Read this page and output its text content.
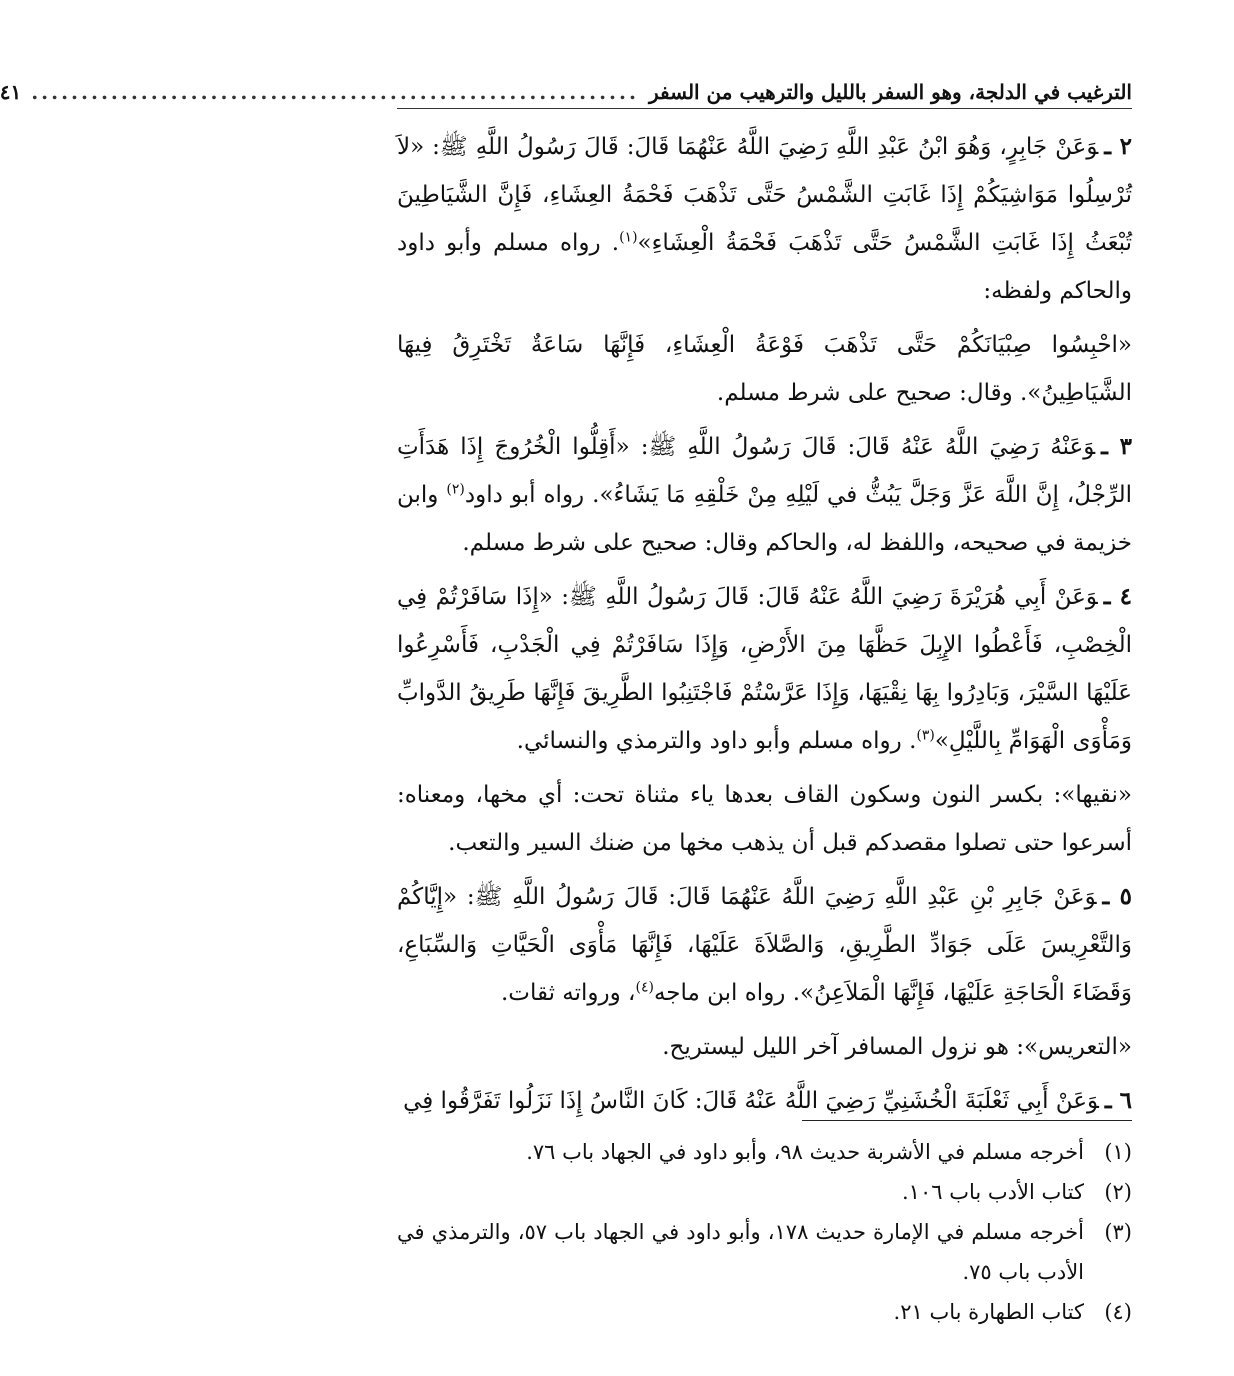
الترغيب في الدلجة، وهو السفر بالليل والترهيب من السفر
.............................................................
٤١

٢ ـوَعَنْ جَابِرٍ، وَهُوَ ابْنُ عَبْدِ اللَّهِ رَضِيَ اللَّهُ عَنْهُمَا قَالَ: قَالَ رَسُولُ اللَّهِ ﷺ: «لاَ تُرْسِلُوا مَوَاشِيَكُمْ إِذَا غَابَتِ الشَّمْسُ حَتَّى تَذْهَبَ فَحْمَةُ العِشَاءِ، فَإِنَّ الشَّيَاطِينَ تُبْعَثُ إِذَا غَابَتِ الشَّمْسُ حَتَّى تَذْهَبَ فَحْمَةُ الْعِشَاءِ»$^{(١)}$. رواه مسلم وأبو داود والحاكم ولفظه:

«احْبِسُوا صِبْيَانَكُمْ حَتَّى تَذْهَبَ فَوْعَةُ الْعِشَاءِ، فَإِنَّهَا سَاعَةٌ تَخْتَرِقُ فِيهَا الشَّيَاطِينُ». وقال: صحيح على شرط مسلم.

٣ ـوَعَنْهُ رَضِيَ اللَّهُ عَنْهُ قَالَ: قَالَ رَسُولُ اللَّهِ ﷺ: «أَقِلُّوا الْخُرُوجَ إِذَا هَدَأَتِ الرِّجْلُ، إِنَّ اللَّهَ عَزَّ وَجَلَّ يَبُثُّ في لَيْلِهِ مِنْ خَلْقِهِ مَا يَشَاءُ». رواه أبو داود$^{(٢)}$ وابن خزيمة في صحيحه، واللفظ له، والحاكم وقال: صحيح على شرط مسلم.

٤ ـوَعَنْ أَبِي هُرَيْرَةَ رَضِيَ اللَّهُ عَنْهُ قَالَ: قَالَ رَسُولُ اللَّهِ ﷺ: «إِذَا سَافَرْتُمْ فِي الْخِصْبِ، فَأَعْطُوا الإِبِلَ حَظَّهَا مِنَ الأَرْضِ، وَإِذَا سَافَرْتُمْ فِي الْجَدْبِ، فَأَسْرِعُوا عَلَيْهَا السَّيْرَ، وَبَادِرُوا بِهَا نِقْيَهَا، وَإِذَا عَرَّسْتُمْ فَاجْتَنِبُوا الطَّرِيقَ فَإِنَّهَا طَرِيقُ الدَّوابِّ وَمَأْوَى الْهَوَامِّ بِاللَّيْلِ»$^{(٣)}$. رواه مسلم وأبو داود والترمذي والنسائي.

«نقيها»: بكسر النون وسكون القاف بعدها ياء مثناة تحت: أي مخها، ومعناه: أسرعوا حتى تصلوا مقصدكم قبل أن يذهب مخها من ضنك السير والتعب.

٥ ـوَعَنْ جَابِرِ بْنِ عَبْدِ اللَّهِ رَضِيَ اللَّهُ عَنْهُمَا قَالَ: قَالَ رَسُولُ اللَّهِ ﷺ: «إِيَّاكُمْ وَالتَّعْرِيسَ عَلَى جَوَادِّ الطَّرِيقِ، وَالصَّلاَةَ عَلَيْهَا، فَإِنَّهَا مَأْوَى الْحَيَّاتِ وَالسِّبَاعِ، وَقَضَاءَ الْحَاجَةِ عَلَيْهَا، فَإِنَّهَا الْمَلاَعِنُ». رواه ابن ماجه$^{(٤)}$، ورواته ثقات.

«التعريس»: هو نزول المسافر آخر الليل ليستريح.

٦ ـوَعَنْ أَبِي ثَعْلَبَةَ الْخُشَنِيِّ رَضِيَ اللَّهُ عَنْهُ قَالَ: كَانَ النَّاسُ إِذَا نَزَلُوا تَفَرَّقُوا فِي

(١)
أخرجه مسلم في الأشربة حديث ٩٨، وأبو داود في الجهاد باب ٧٦.
(٢)
كتاب الأدب باب ١٠٦.
(٣)
أخرجه مسلم في الإمارة حديث ١٧٨، وأبو داود في الجهاد باب ٥٧، والترمذي في الأدب باب ٧٥.
(٤)
كتاب الطهارة باب ٢١.
